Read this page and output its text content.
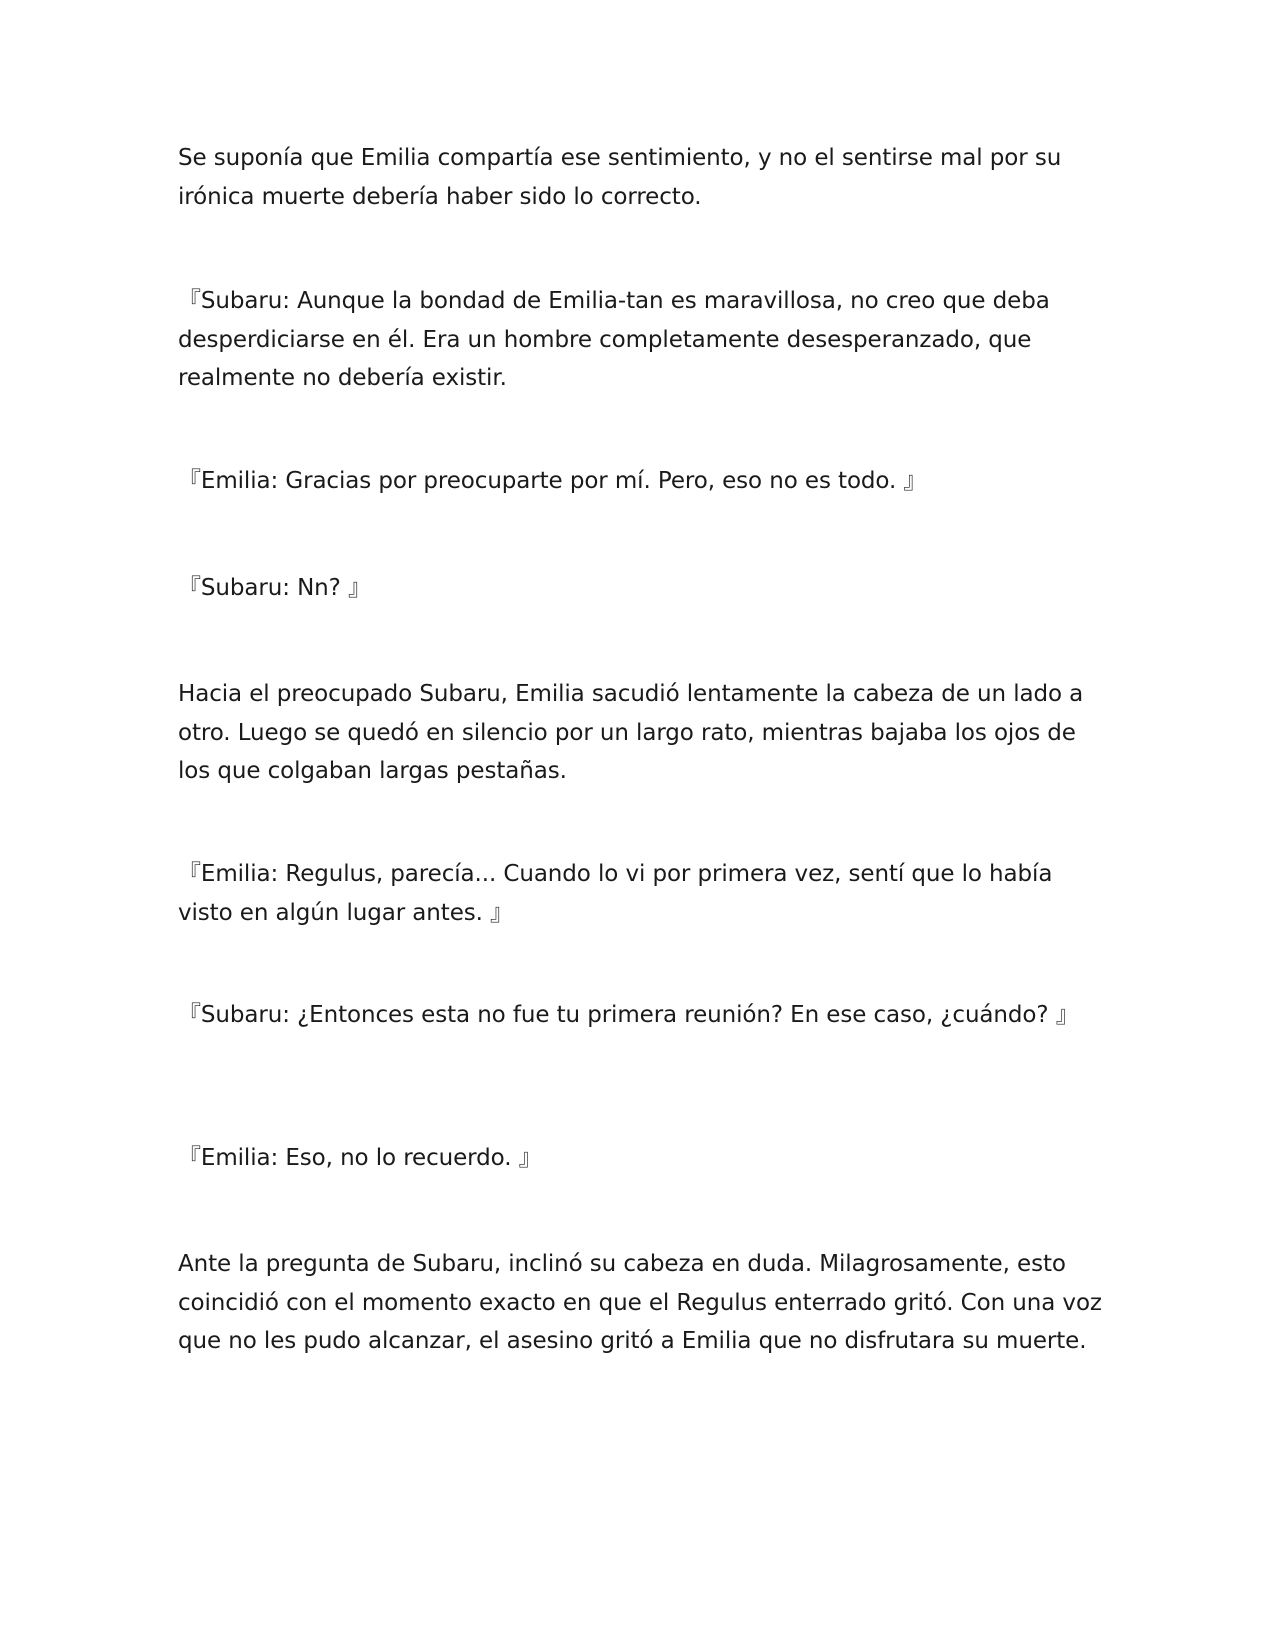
Se suponía que Emilia compartía ese sentimiento, y no el sentirse mal por su irónica muerte debería haber sido lo correcto.

『Subaru: Aunque la bondad de Emilia-tan es maravillosa, no creo que deba desperdiciarse en él. Era un hombre completamente desesperanzado, que realmente no debería existir.

『Emilia: Gracias por preocuparte por mí. Pero, eso no es todo. 』

『Subaru: Nn? 』

Hacia el preocupado Subaru, Emilia sacudió lentamente la cabeza de un lado a otro. Luego se quedó en silencio por un largo rato, mientras bajaba los ojos de los que colgaban largas pestañas.

『Emilia: Regulus, parecía... Cuando lo vi por primera vez, sentí que lo había visto en algún lugar antes. 』

『Subaru: ¿Entonces esta no fue tu primera reunión? En ese caso, ¿cuándo? 』

『Emilia: Eso, no lo recuerdo. 』

Ante la pregunta de Subaru, inclinó su cabeza en duda. Milagrosamente, esto coincidió con el momento exacto en que el Regulus enterrado gritó. Con una voz que no les pudo alcanzar, el asesino gritó a Emilia que no disfrutara su muerte.
